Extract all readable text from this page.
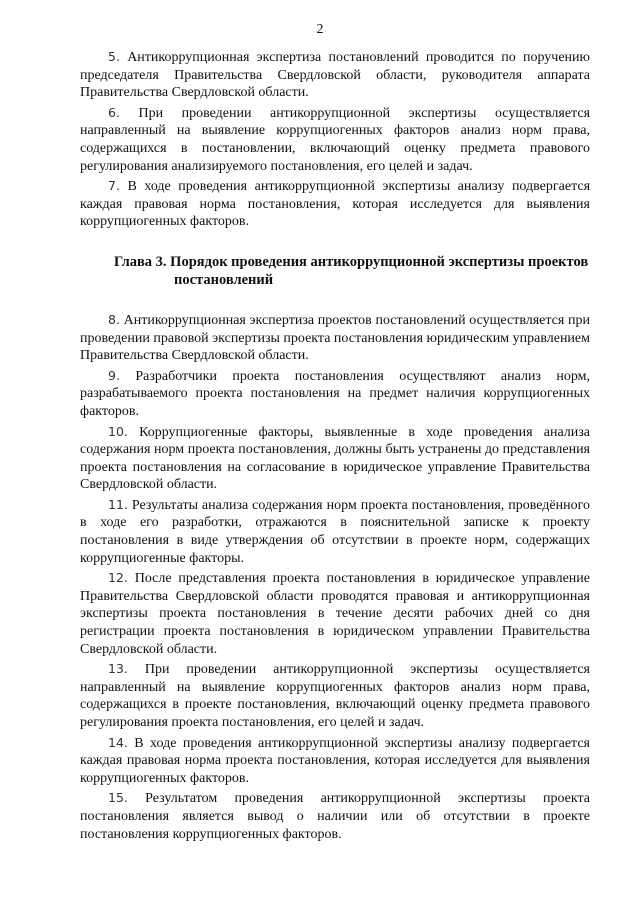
2

5. Антикоррупционная экспертиза постановлений проводится по поручению председателя Правительства Свердловской области, руководителя аппарата Правительства Свердловской области.

6. При проведении антикоррупционной экспертизы осуществляется направленный на выявление коррупциогенных факторов анализ норм права, содержащихся в постановлении, включающий оценку предмета правового регулирования анализируемого постановления, его целей и задач.

7. В ходе проведения антикоррупционной экспертизы анализу подвергается каждая правовая норма постановления, которая исследуется для выявления коррупциогенных факторов.

Глава 3. Порядок проведения антикоррупционной экспертизы проектов
постановлений

8. Антикоррупционная экспертиза проектов постановлений осуществляется при проведении правовой экспертизы проекта постановления юридическим управлением Правительства Свердловской области.

9. Разработчики проекта постановления осуществляют анализ норм, разрабатываемого проекта постановления на предмет наличия коррупциогенных факторов.

10. Коррупциогенные факторы, выявленные в ходе проведения анализа содержания норм проекта постановления, должны быть устранены до представления проекта постановления на согласование в юридическое управление Правительства Свердловской области.

11. Результаты анализа содержания норм проекта постановления, проведённого в ходе его разработки, отражаются в пояснительной записке к проекту постановления в виде утверждения об отсутствии в проекте норм, содержащих коррупциогенные факторы.

12. После представления проекта постановления в юридическое управление Правительства Свердловской области проводятся правовая и антикоррупционная экспертизы проекта постановления в течение десяти рабочих дней со дня регистрации проекта постановления в юридическом управлении Правительства Свердловской области.

13. При проведении антикоррупционной экспертизы осуществляется направленный на выявление коррупциогенных факторов анализ норм права, содержащихся в проекте постановления, включающий оценку предмета правового регулирования проекта постановления, его целей и задач.

14. В ходе проведения антикоррупционной экспертизы анализу подвергается каждая правовая норма проекта постановления, которая исследуется для выявления коррупциогенных факторов.

15. Результатом проведения антикоррупционной экспертизы проекта постановления является вывод о наличии или об отсутствии в проекте постановления коррупциогенных факторов.
